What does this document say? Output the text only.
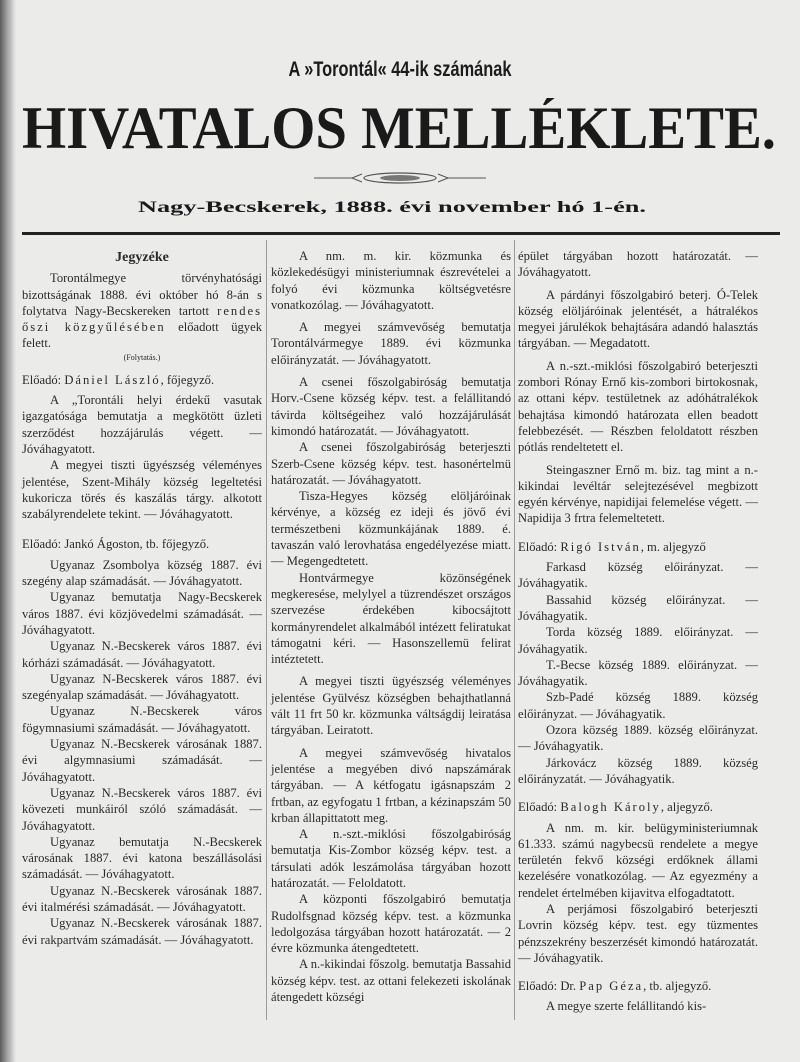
A »Torontál« 44-ik számának
HIVATALOS MELLÉKLETE.
Nagy-Becskerek, 1888. évi november hó 1-én.
Jegyzéke

Torontálmegye törvényhatósági bizottságának 1888. évi október hó 8-án s folytatva Nagy-Becskereken tartott rendes őszi közgyűlésében előadott ügyek felett.

(Folytatás.)
Előadó: Dániel László, főjegyző.

A „Torontáli helyi érdekű vasutak igazgatósága bemutatja a megkötött üzleti szerződést hozzájárulás végett. — Jóváhagyatott.

A megyei tiszti ügyészség véleményes jelentése, Szent-Mihály község legeltetési kukoricza törés és kaszálás tárgy. alkotott szabályrendelete tekint. — Jóváhagyatott.

Előadó: Jankó Ágoston, tb. főjegyző.

Ugyanaz Zsombolya község 1887. évi szegény alap számadását. — Jóváhagyatott.

Ugyanaz bemutatja Nagy-Becskerek város 1887. évi közjövedelmi számadását. — Jóváhagyatott.

Ugyanaz N.-Becskerek város 1887. évi kórházi számadását. — Jóváhagyatott.

Ugyanaz N-Becskerek város 1887. évi szegényalap számadását. — Jóváhagyatott.

Ugyanaz N.-Becskerek város fögymnasiumi számadását. — Jóváhagyatott.

Ugyanaz N.-Becskerek városának 1887. évi algymnasiumi számadását. — Jóváhagyatott.

Ugyanaz N.-Becskerek város 1887. évi kövezeti munkáiról szóló számadását. — Jóváhagyatott.

Ugyanaz bemutatja N.-Becskerek városának 1887. évi katona beszállásolási számadását. — Jóváhagyatott.

Ugyanaz N.-Becskerek városának 1887. évi italmérési számadását. — Jóváhagyatott.

Ugyanaz N.-Becskerek városának 1887. évi rakpartvám számadását. — Jóváhagyatott.

A nm. m. kir. közmunka és közlekedésügyi ministeriumnak észrevételei a folyó évi közmunka költségvetésre vonatkozólag. — Jóváhagyatott.

A megyei számvevőség bemutatja Torontálvármegye 1889. évi közmunka előirányzatát. — Jóváhagyatott.

A csenei főszolgabiróság bemutatja Horv.-Csene község képv. test. a felállitandó távirda költségeihez való hozzájárulását kimondó határozatát. — Jóváhagyatott.

A csenei főszolgabiróság beterjeszti Szerb-Csene község képv. test. hasonértelmü határozatát. — Jóváhagyatott.

Tisza-Hegyes község elöljáróinak kérvénye, a község ez ideji és jövő évi természetbeni közmunkájának 1889. é. tavaszán való lerovhatása engedélyezése miatt. — Megengedtetett.

Hontvármegye közönségének megkeresése, melylyel a tüzrendészet országos szervezése érdekében kibocsájtott kormányrendelet alkalmából intézett feliratukat támogatni kéri. — Hasonszellemü felirat intéztetett.

A megyei tiszti ügyészség véleményes jelentése Gyülvész községben behajthatlanná vált 11 frt 50 kr. közmunka váltságdij leiratása tárgyában. Leiratott.

A megyei számvevőség hivatalos jelentése a megyében divó napszámárak tárgyában. — A kétfogatu igásnapszám 2 frtban, az egyfogatu 1 frtban, a kézinapszám 50 krban állapittatott meg.

A n.-szt.-miklósi főszolgabiróság bemutatja Kis-Zombor község képv. test. a társulati adók leszámolása tárgyában hozott határozatát. — Feloldatott.

A központi főszolgabiró bemutatja Rudolfsgnad község képv. test. a közmunka ledolgozása tárgyában hozott határozatát. — 2 évre közmunka átengedtetett.

A n.-kikindai főszolg. bemutatja Bassahid község képv. test. az ottani felekezeti iskolának átengedett községi

épület tárgyában hozott határozatát. — Jóváhagyatott.

A párdányi főszolgabiró beterj. Ó-Telek község elöljáróinak jelentését, a hátralékos megyei járulékok behajtására adandó halasztás tárgyában. — Megadatott.

A n.-szt.-miklósi főszolgabiró beterjeszti zombori Rónay Ernő kis-zombori birtokosnak, az ottani képv. testületnek az adóhátralékok behajtása kimondó határozata ellen beadott felebbezését. — Részben feloldatott részben pótlás rendeltetett el.

Steingaszner Ernő m. biz. tag mint a n.-kikindai levéltár selejtezésével megbizott egyén kérvénye, napidijai felemelése végett. — Napidija 3 frtra felemeltetett.

Előadó: Rigó István, m. aljegyző

Farkasd község előirányzat. — Jóváhagyatik.

Bassahid község előirányzat. — Jóváhagyatik.

Torda község 1889. előirányzat. — Jóváhagyatik.

T.-Becse község 1889. előirányzat. — Jóváhagyatik.

Szb-Padé község 1889. község előirányzat. — Jóváhagyatik.

Ozora község 1889. község előirányzat. — Jóváhagyatik.

Járkovácz község 1889. község előirányzatát. — Jóváhagyatik.

Előadó: Balogh Károly, aljegyző.

A nm. m. kir. belügyministeriumnak 61.333. számú nagybecsü rendelete a megye területén fekvő községi erdőknek állami kezelésére vonatkozólag. — Az egyezmény a rendelet értelmében kijavitva elfogadtatott.

A perjámosi főszolgabiró beterjeszti Lovrin község képv. test. egy tüzmentes pénzszekrény beszerzését kimondó határozatát. — Jóváhagyatik.

Előadó: Dr. Pap Géza, tb. aljegyző.

A megye szerte felállitandó kis-
